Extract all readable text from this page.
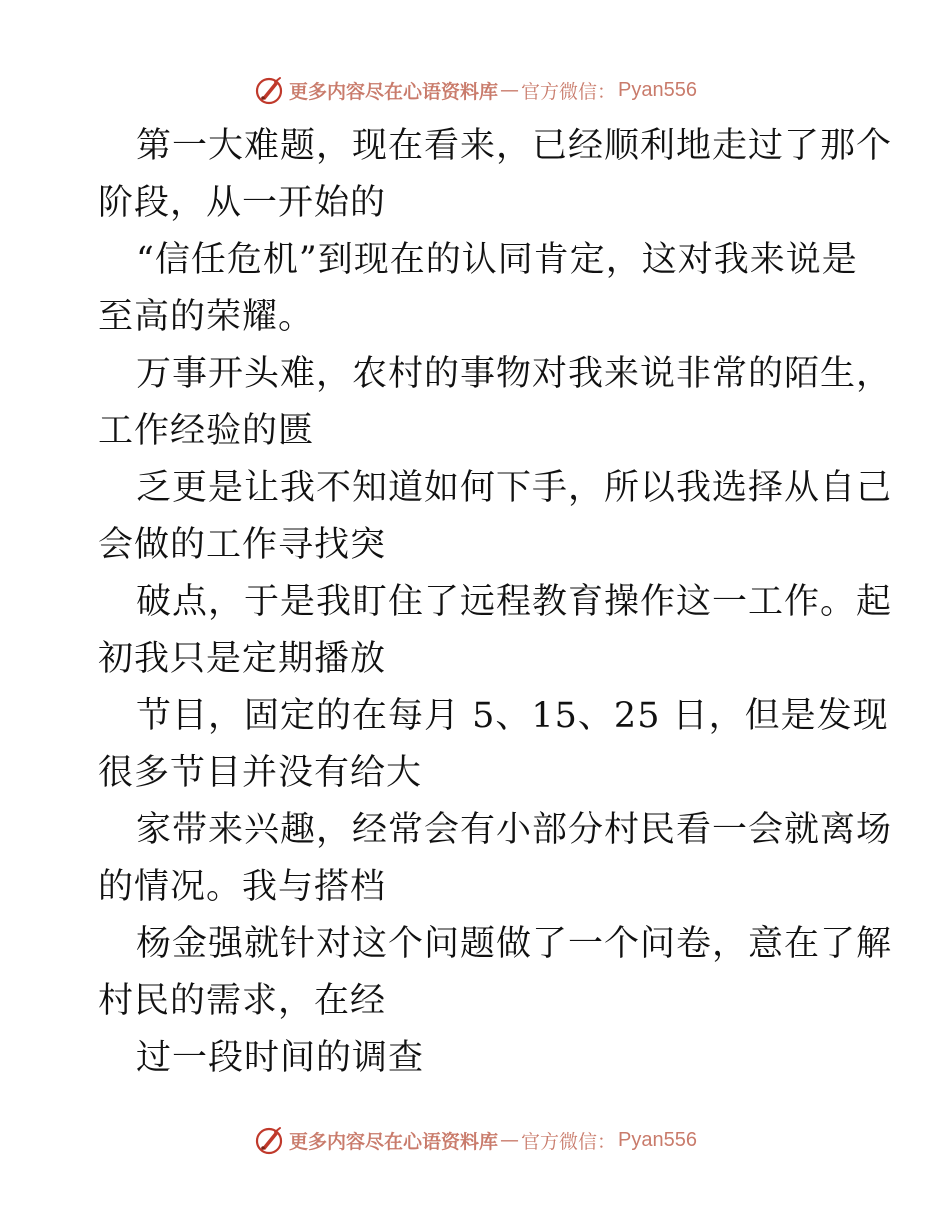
更多内容尽在心语资料库 — 官方微信： Pyan556
第一大难题，现在看来，已经顺利地走过了那个
阶段，从一开始的
“信任危机”到现在的认同肯定，这对我来说是
至高的荣耀。
万事开头难，农村的事物对我来说非常的陌生，
工作经验的匮
乏更是让我不知道如何下手，所以我选择从自己
会做的工作寻找突
破点，于是我盯住了远程教育操作这一工作。起
初我只是定期播放
节目，固定的在每月 5、15、25 日，但是发现
很多节目并没有给大
家带来兴趣，经常会有小部分村民看一会就离场
的情况。我与搭档
杨金强就针对这个问题做了一个问卷，意在了解
村民的需求，在经
过一段时间的调查
更多内容尽在心语资料库 — 官方微信： Pyan556
